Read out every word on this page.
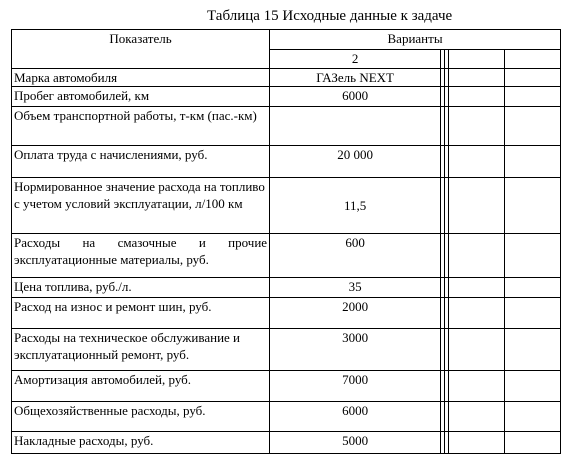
Таблица 15 Исходные данные к задаче
Показатель	Варианты				
	2				
Марка автомобиля	ГАЗель NEXT				
Пробег автомобилей, км	6000				
Объем транспортной работы, т-км (пас.-км)					
Оплата труда с начислениями, руб.	20 000				
Нормированное значение расхода на топливо с учетом условий эксплуатации, л/100 км	11,5				
Расходы на смазочные и прочие эксплуатационные материалы, руб.	600				
Цена топлива, руб./л.	35				
Расход на износ и ремонт шин, руб.	2000				
Расходы на техническое обслуживание и эксплуатационный ремонт, руб.	3000				
Амортизация автомобилей, руб.	7000				
Общехозяйственные расходы, руб.	6000				
Накладные расходы, руб.	5000				
